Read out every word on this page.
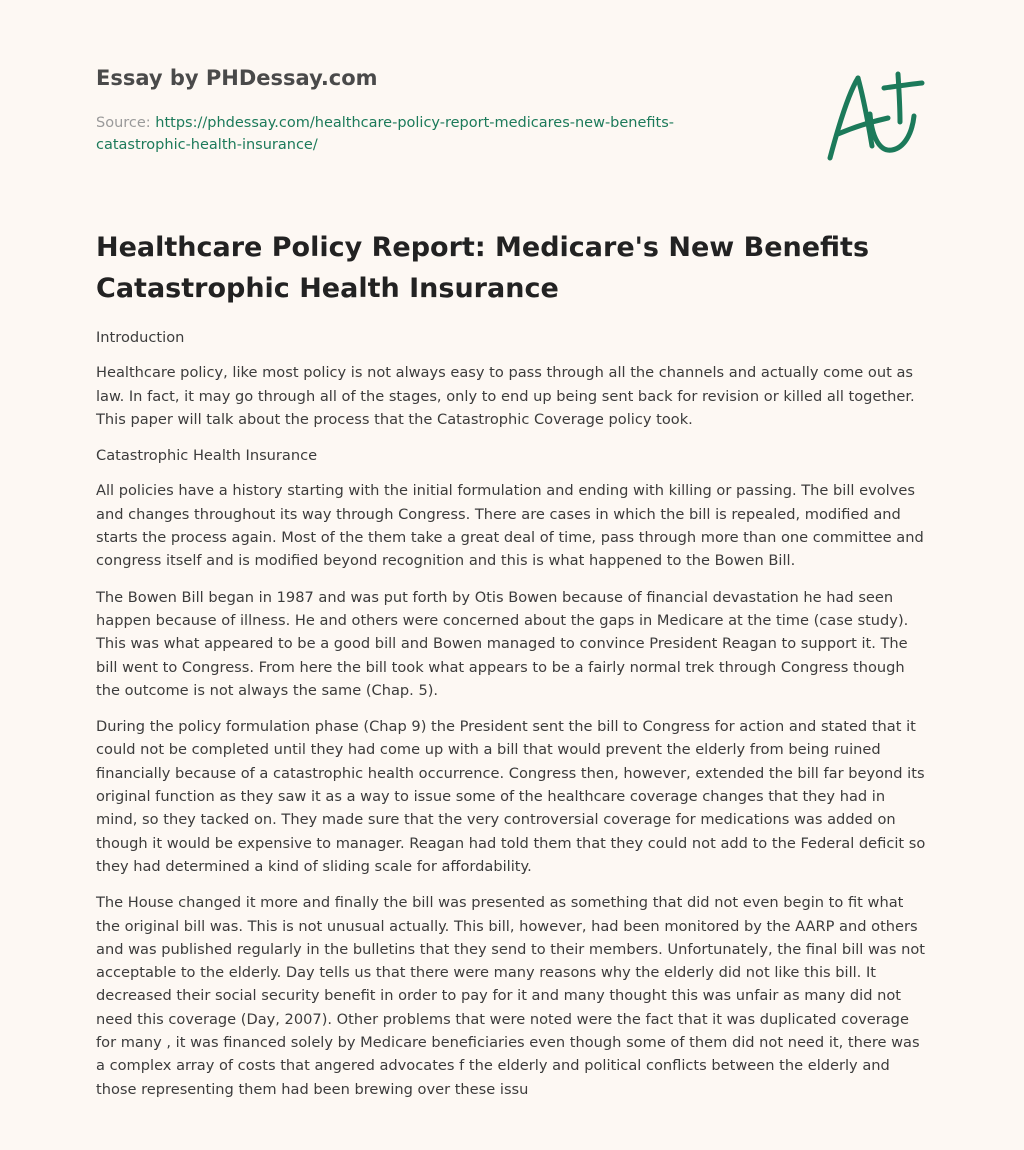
Essay by PHDessay.com
Source: https://phdessay.com/healthcare-policy-report-medicares-new-benefits-catastrophic-health-insurance/
Healthcare Policy Report: Medicare's New Benefits Catastrophic Health Insurance

Introduction

Healthcare policy, like most policy is not always easy to pass through all the channels and actually come out as law. In fact, it may go through all of the stages, only to end up being sent back for revision or killed all together. This paper will talk about the process that the Catastrophic Coverage policy took.

Catastrophic Health Insurance

All policies have a history starting with the initial formulation and ending with killing or passing. The bill evolves and changes throughout its way through Congress. There are cases in which the bill is repealed, modified and starts the process again. Most of the them take a great deal of time, pass through more than one committee and congress itself and is modified beyond recognition and this is what happened to the Bowen Bill.

The Bowen Bill began in 1987 and was put forth by Otis Bowen because of financial devastation he had seen happen because of illness. He and others were concerned about the gaps in Medicare at the time (case study). This was what appeared to be a good bill and Bowen managed to convince President Reagan to support it. The bill went to Congress. From here the bill took what appears to be a fairly normal trek through Congress though the outcome is not always the same (Chap. 5).

During the policy formulation phase (Chap 9) the President sent the bill to Congress for action and stated that it could not be completed until they had come up with a bill that would prevent the elderly from being ruined financially because of a catastrophic health occurrence. Congress then, however, extended the bill far beyond its original function as they saw it as a way to issue some of the healthcare coverage changes that they had in mind, so they tacked on. They made sure that the very controversial coverage for medications was added on though it would be expensive to manager. Reagan had told them that they could not add to the Federal deficit so they had determined a kind of sliding scale for affordability.

The House changed it more and finally the bill was presented as something that did not even begin to fit what the original bill was. This is not unusual actually. This bill, however, had been monitored by the AARP and others and was published regularly in the bulletins that they send to their members. Unfortunately, the final bill was not acceptable to the elderly. Day tells us that there were many reasons why the elderly did not like this bill. It decreased their social security benefit in order to pay for it and many thought this was unfair as many did not need this coverage (Day, 2007). Other problems that were noted were the fact that it was duplicated coverage for many , it was financed solely by Medicare beneficiaries even though some of them did not need it, there was a complex array of costs that angered advocates f the elderly and political conflicts between the elderly and those representing them had been brewing over these issu
